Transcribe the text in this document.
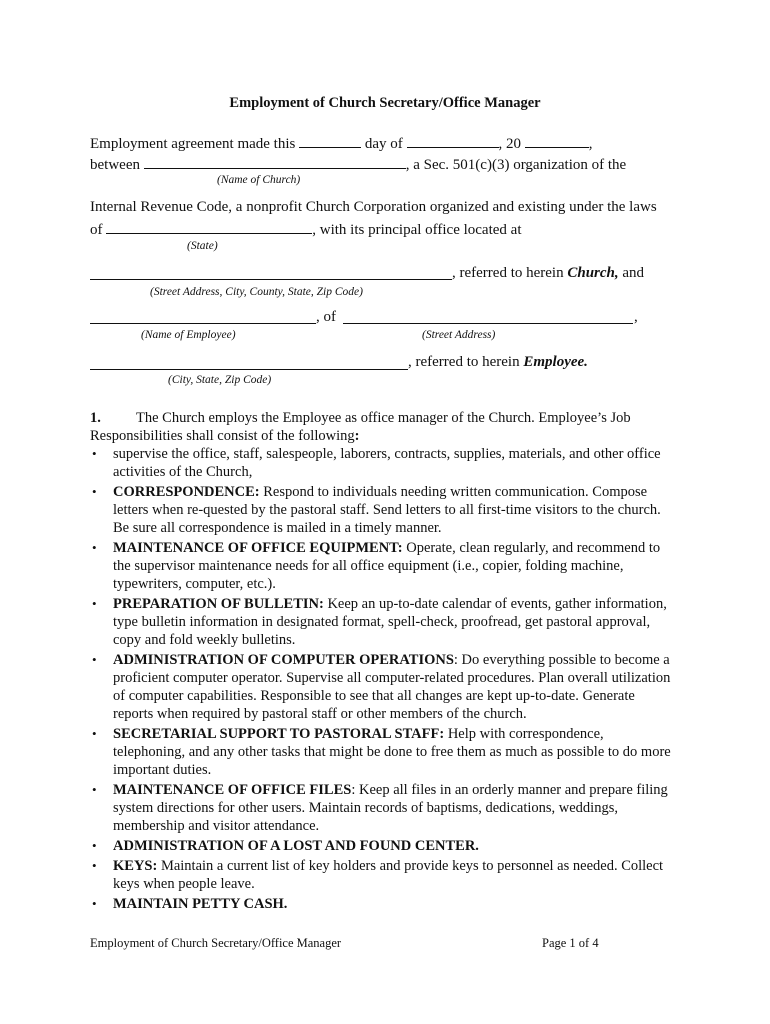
Employment of Church Secretary/Office Manager
Employment agreement made this	day of	, 20	,
between	, a Sec. 501(c)(3) organization of the
(Name of Church)
Internal Revenue Code, a nonprofit Church Corporation organized and existing under the laws
of	, with its principal office located at
(State)
, referred to herein Church, and
(Street Address, City, County, State, Zip Code)
, of	,
(Name of Employee)	(Street Address)
, referred to herein Employee.
(City, State, Zip Code)
1. The Church employs the Employee as office manager of the Church. Employee’s Job Responsibilities shall consist of the following:
• supervise the office, staff, salespeople, laborers, contracts, supplies, materials, and other office activities of the Church,
• CORRESPONDENCE: Respond to individuals needing written communication. Compose letters when re-quested by the pastoral staff. Send letters to all first-time visitors to the church. Be sure all correspondence is mailed in a timely manner.
• MAINTENANCE OF OFFICE EQUIPMENT: Operate, clean regularly, and recommend to the supervisor maintenance needs for all office equipment (i.e., copier, folding machine, typewriters, computer, etc.).
• PREPARATION OF BULLETIN: Keep an up-to-date calendar of events, gather information, type bulletin information in designated format, spell-check, proofread, get pastoral approval, copy and fold weekly bulletins.
• ADMINISTRATION OF COMPUTER OPERATIONS: Do everything possible to become a proficient computer operator. Supervise all computer-related procedures. Plan overall utilization of computer capabilities. Responsible to see that all changes are kept up-to-date. Generate reports when required by pastoral staff or other members of the church.
• SECRETARIAL SUPPORT TO PASTORAL STAFF: Help with correspondence, telephoning, and any other tasks that might be done to free them as much as possible to do more important duties.
• MAINTENANCE OF OFFICE FILES: Keep all files in an orderly manner and prepare filing system directions for other users. Maintain records of baptisms, dedications, weddings, membership and visitor attendance.
• ADMINISTRATION OF A LOST AND FOUND CENTER.
• KEYS: Maintain a current list of key holders and provide keys to personnel as needed. Collect keys when people leave.
• MAINTAIN PETTY CASH.
Employment of Church Secretary/Office Manager	Page 1 of 4
